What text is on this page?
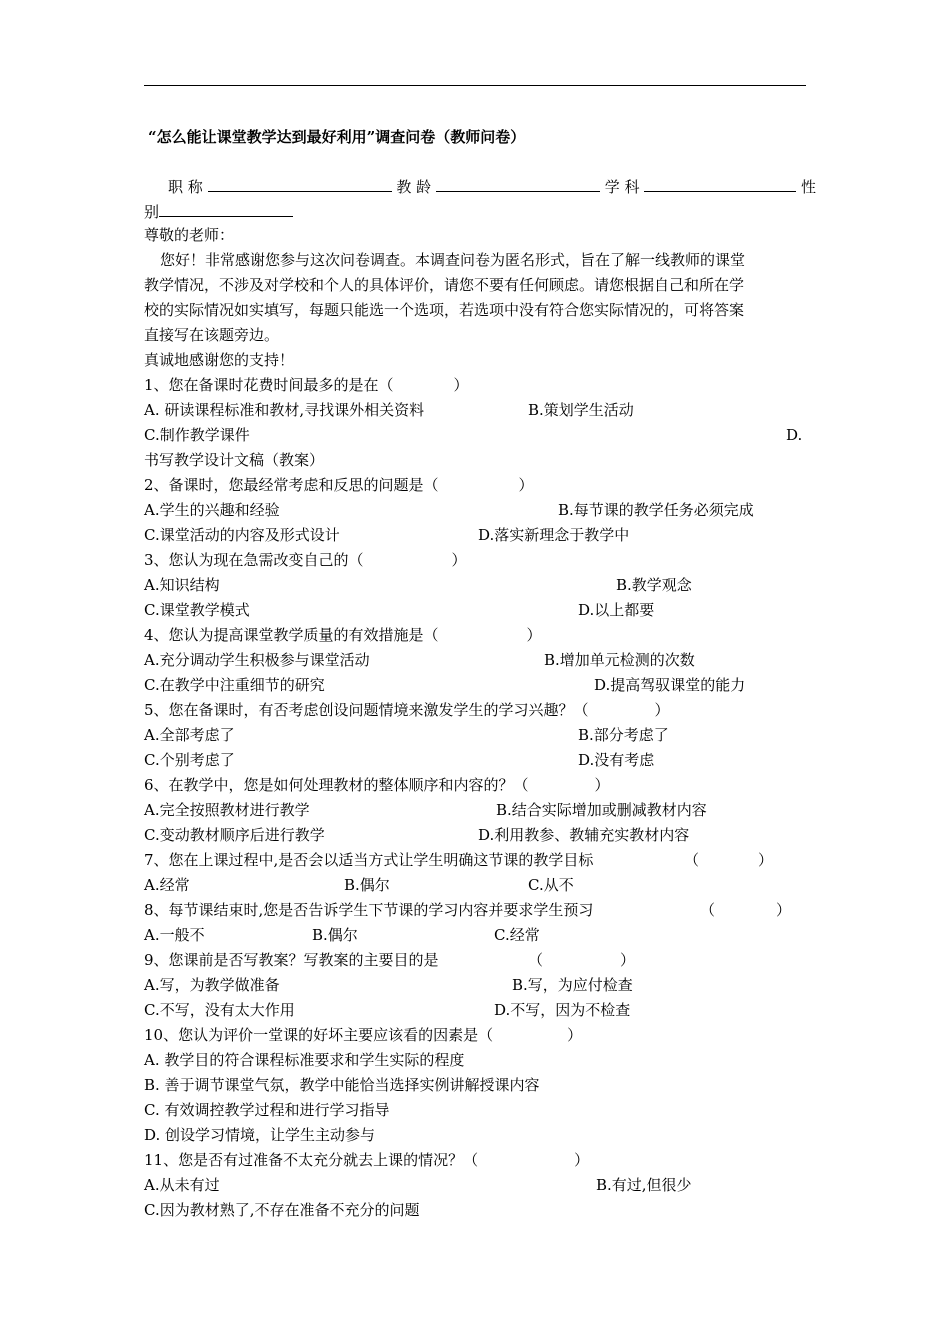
“怎么能让课堂教学达到最好利用”调查问卷（教师问卷）
职 称	教 龄	学 科	性
别
尊敬的老师：
您好！非常感谢您参与这次问卷调查。本调查问卷为匿名形式，旨在了解一线教师的课堂
教学情况，不涉及对学校和个人的具体评价，请您不要有任何顾虑。请您根据自己和所在学
校的实际情况如实填写，每题只能选一个选项，若选项中没有符合您实际情况的，可将答案
直接写在该题旁边。
真诚地感谢您的支持！
1、您在备课时花费时间最多的是在（	）
A. 研读课程标准和教材,寻找课外相关资料	B.策划学生活动
C.制作教学课件	D.
书写教学设计文稿（教案）
2、备课时，您最经常考虑和反思的问题是（	）
A.学生的兴趣和经验	B.每节课的教学任务必须完成
C.课堂活动的内容及形式设计	D.落实新理念于教学中
3、您认为现在急需改变自己的（	）
A.知识结构	B.教学观念
C.课堂教学模式	D.以上都要
4、您认为提高课堂教学质量的有效措施是（	）
A.充分调动学生积极参与课堂活动	B.增加单元检测的次数
C.在教学中注重细节的研究	D.提高驾驭课堂的能力
5、您在备课时，有否考虑创设问题情境来激发学生的学习兴趣？（	）
A.全部考虑了	B.部分考虑了
C.个别考虑了	D.没有考虑
6、在教学中，您是如何处理教材的整体顺序和内容的？（	）
A.完全按照教材进行教学	B.结合实际增加或删减教材内容
C.变动教材顺序后进行教学	D.利用教参、教辅充实教材内容
7、您在上课过程中,是否会以适当方式让学生明确这节课的教学目标	（	）
A.经常	B.偶尔	C.从不
8、每节课结束时,您是否告诉学生下节课的学习内容并要求学生预习	（	）
A.一般不	B.偶尔	C.经常
9、您课前是否写教案？写教案的主要目的是	（	）
A.写，为教学做准备	B.写，为应付检查
C.不写，没有太大作用	D.不写，因为不检查
10、您认为评价一堂课的好坏主要应该看的因素是（	）
A. 教学目的符合课程标准要求和学生实际的程度
B. 善于调节课堂气氛，教学中能恰当选择实例讲解授课内容
C. 有效调控教学过程和进行学习指导
D. 创设学习情境，让学生主动参与
11、您是否有过准备不太充分就去上课的情况？（	）
A.从未有过	B.有过,但很少
C.因为教材熟了,不存在准备不充分的问题
